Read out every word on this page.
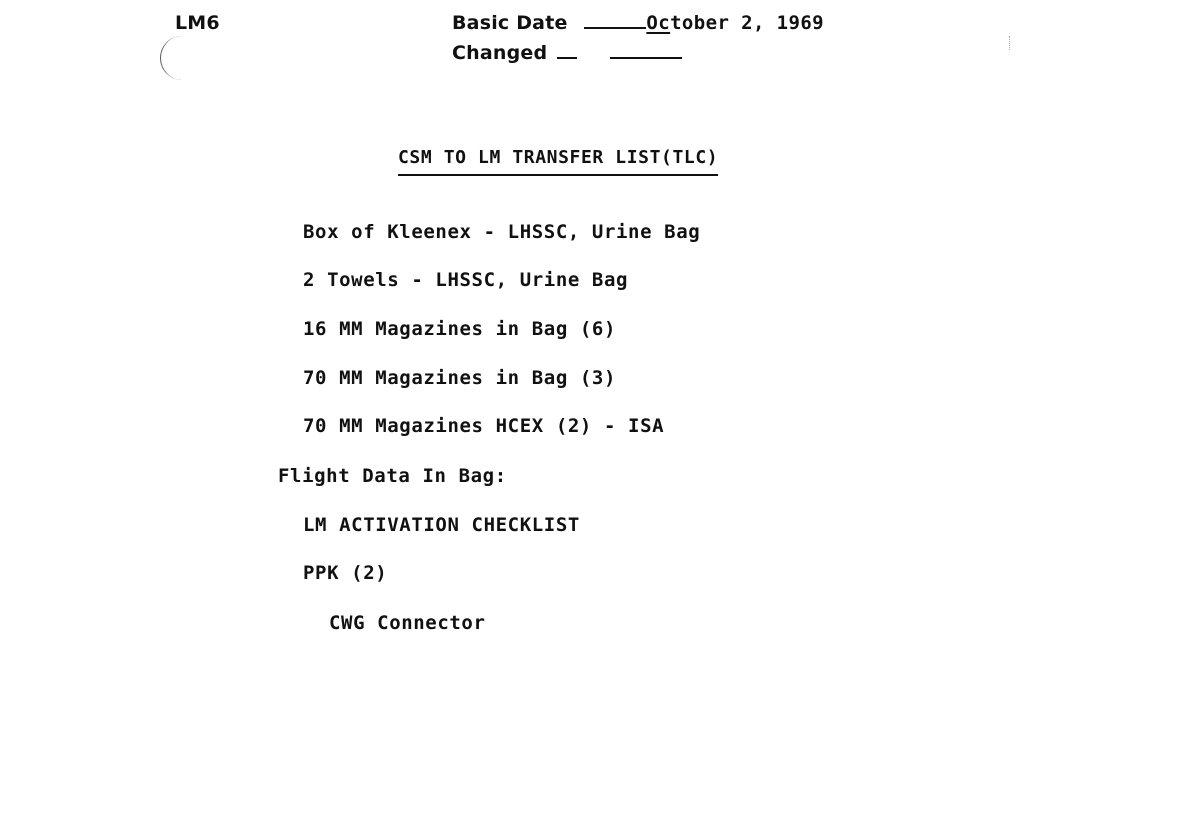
LM6	Basic Date	October 2, 1969
Changed
CSM TO LM TRANSFER LIST(TLC)
Box of Kleenex - LHSSC, Urine Bag
2 Towels - LHSSC, Urine Bag
16 MM Magazines in Bag (6)
70 MM Magazines in Bag (3)
70 MM Magazines HCEX (2) - ISA
Flight Data In Bag:
LM ACTIVATION CHECKLIST
PPK (2)
CWG Connector
